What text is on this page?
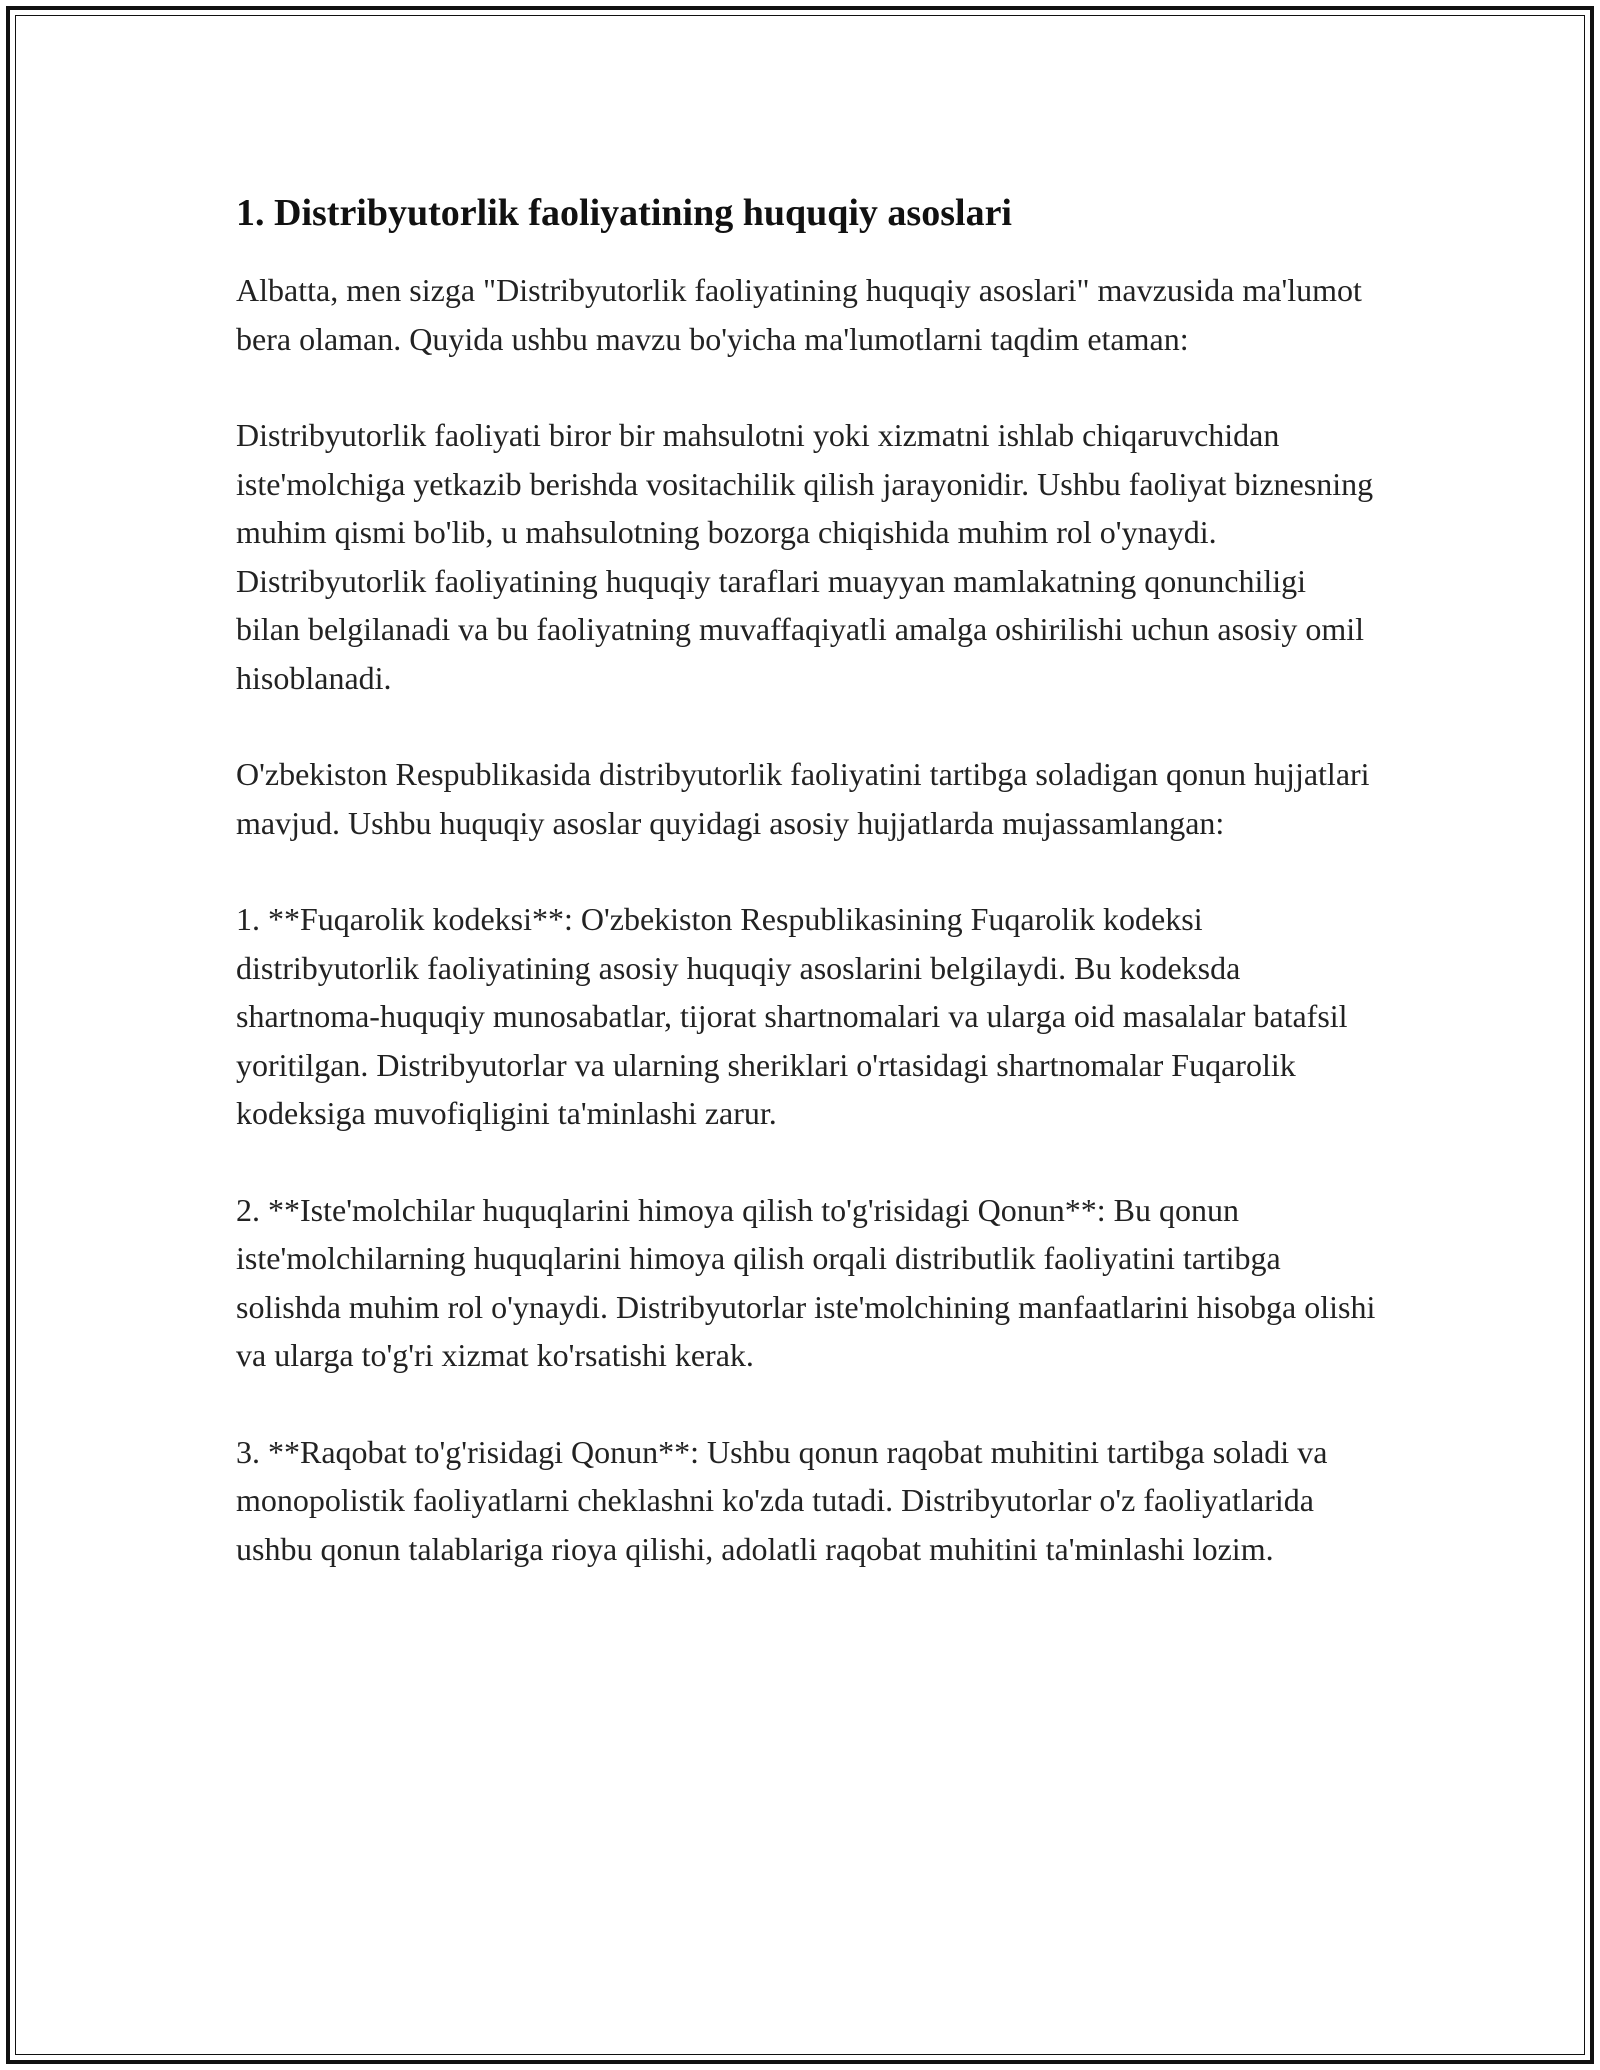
1. Distribyutorlik faoliyatining huquqiy asoslari

Albatta, men sizga "Distribyutorlik faoliyatining huquqiy asoslari" mavzusida ma'lumot bera olaman. Quyida ushbu mavzu bo'yicha ma'lumotlarni taqdim etaman:

Distribyutorlik faoliyati biror bir mahsulotni yoki xizmatni ishlab chiqaruvchidan iste'molchiga yetkazib berishda vositachilik qilish jarayonidir. Ushbu faoliyat biznesning muhim qismi bo'lib, u mahsulotning bozorga chiqishida muhim rol o'ynaydi. Distribyutorlik faoliyatining huquqiy taraflari muayyan mamlakatning qonunchiligi bilan belgilanadi va bu faoliyatning muvaffaqiyatli amalga oshirilishi uchun asosiy omil hisoblanadi.

O'zbekiston Respublikasida distribyutorlik faoliyatini tartibga soladigan qonun hujjatlari mavjud. Ushbu huquqiy asoslar quyidagi asosiy hujjatlarda mujassamlangan:

1. **Fuqarolik kodeksi**: O'zbekiston Respublikasining Fuqarolik kodeksi distribyutorlik faoliyatining asosiy huquqiy asoslarini belgilaydi. Bu kodeksda shartnoma-huquqiy munosabatlar, tijorat shartnomalari va ularga oid masalalar batafsil yoritilgan. Distribyutorlar va ularning sheriklari o'rtasidagi shartnomalar Fuqarolik kodeksiga muvofiqligini ta'minlashi zarur.

2. **Iste'molchilar huquqlarini himoya qilish to'g'risidagi Qonun**: Bu qonun iste'molchilarning huquqlarini himoya qilish orqali distributlik faoliyatini tartibga solishda muhim rol o'ynaydi. Distribyutorlar iste'molchining manfaatlarini hisobga olishi va ularga to'g'ri xizmat ko'rsatishi kerak.

3. **Raqobat to'g'risidagi Qonun**: Ushbu qonun raqobat muhitini tartibga soladi va monopolistik faoliyatlarni cheklashni ko'zda tutadi. Distribyutorlar o'z faoliyatlarida ushbu qonun talablariga rioya qilishi, adolatli raqobat muhitini ta'minlashi lozim.
